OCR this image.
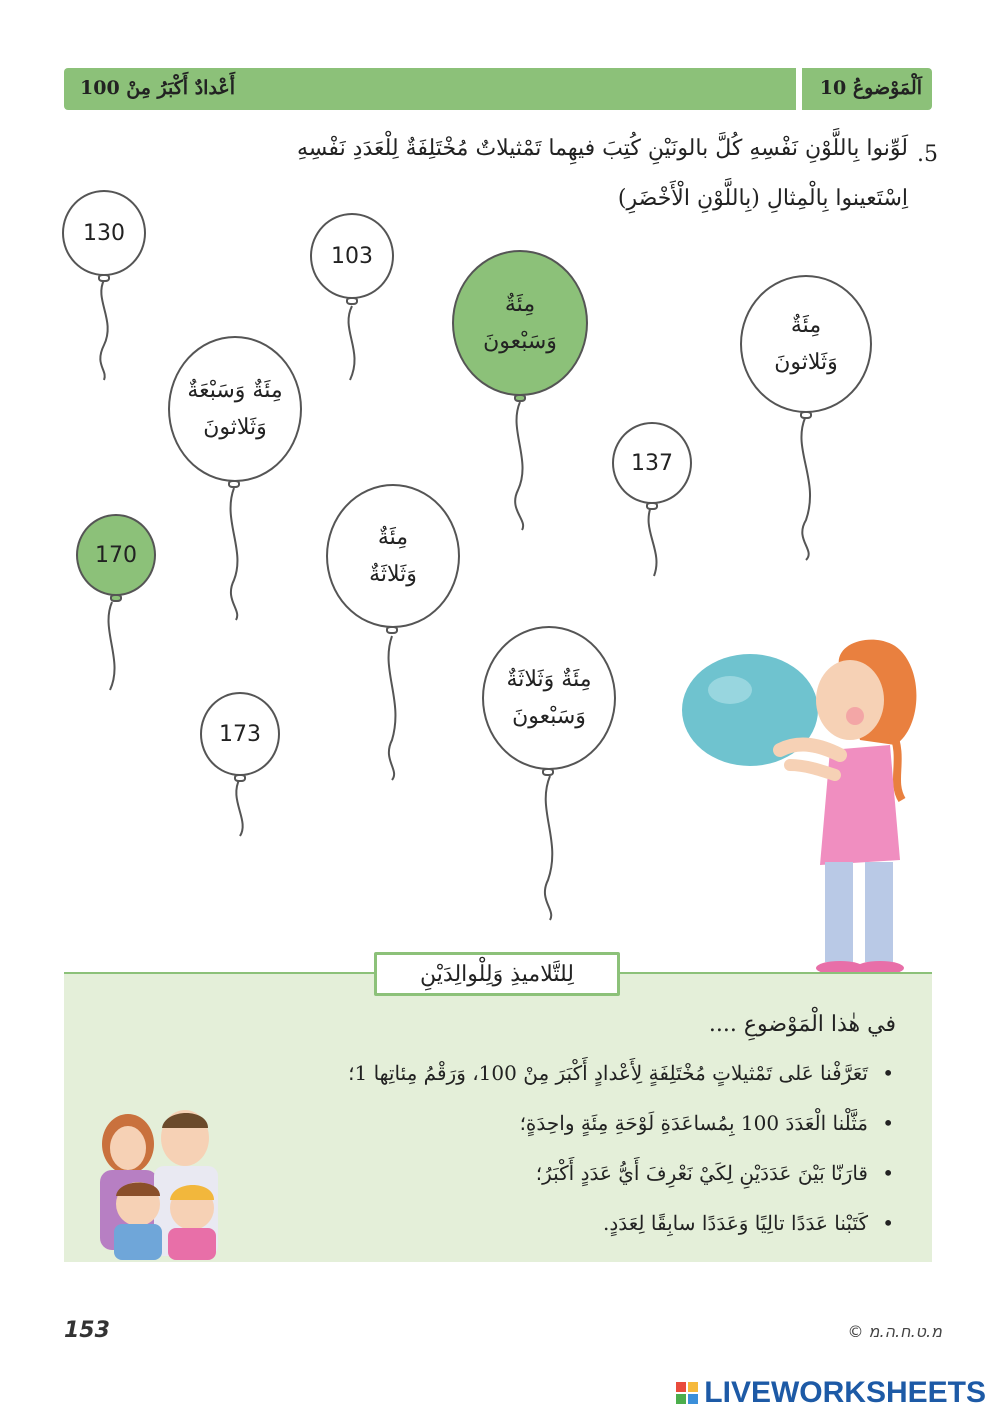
أَعْدادٌ أَكْبَرُ مِنْ 100	اَلْمَوْضوعُ 10
.5
لَوِّنوا بِاللَّوْنِ نَفْسِهِ كُلَّ بالونَيْنِ كُتِبَ فيهِما تَمْثيلاتٌ مُخْتَلِفَةٌ لِلْعَدَدِ نَفْسِهِ
اِسْتَعينوا بِالْمِثالِ (بِاللَّوْنِ الْأَخْضَرِ)
130
103
مِئَةٌ
وَسَبْعونَ
مِئَةٌ
وَثَلاثونَ
مِئَةٌ وَسَبْعَةٌ
وَثَلاثونَ
137
170
مِئَةٌ
وَثَلاثَةٌ
مِئَةٌ وَثَلاثَةٌ
وَسَبْعونَ
173
لِلتَّلاميذِ وَلِلْوالِدَيْنِ
في هٰذا الْمَوْضوعِ ....
• تَعَرَّفْنا عَلى تَمْثيلاتٍ مُخْتَلِفَةٍ لِأَعْدادٍ أَكْبَرَ مِنْ 100، وَرَقْمُ مِئاتِها 1؛
• مَثَّلْنا الْعَدَدَ 100 بِمُساعَدَةِ لَوْحَةِ مِئَةٍ واحِدَةٍ؛
• قارَنّا بَيْنَ عَدَدَيْنِ لِكَيْ نَعْرِفَ أَيُّ عَدَدٍ أَكْبَرُ؛
• كَتَبْنا عَدَدًا تالِيًا وَعَدَدًا سابِقًا لِعَدَدٍ.
153	© מ.ט.ח.ה.מ
LIVEWORKSHEETS
